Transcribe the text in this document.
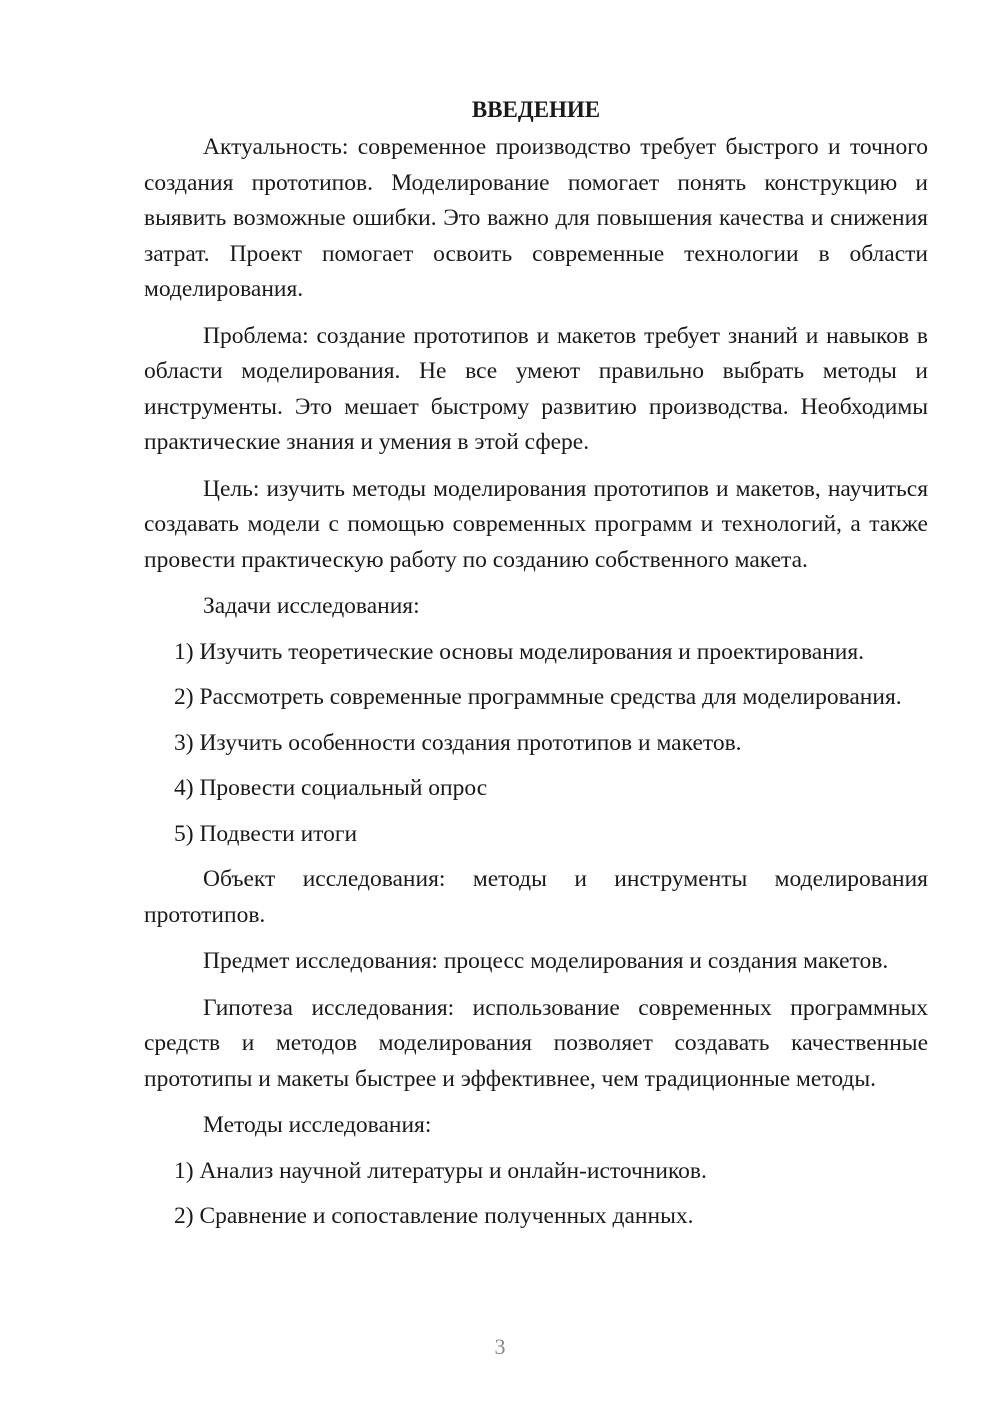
ВВЕДЕНИЕ

Актуальность: современное производство требует быстрого и точного создания прототипов. Моделирование помогает понять конструкцию и выявить возможные ошибки. Это важно для повышения качества и снижения затрат. Проект помогает освоить современные технологии в области моделирования.

Проблема: создание прототипов и макетов требует знаний и навыков в области моделирования. Не все умеют правильно выбрать методы и инструменты. Это мешает быстрому развитию производства. Необходимы практические знания и умения в этой сфере.

Цель: изучить методы моделирования прототипов и макетов, научиться создавать модели с помощью современных программ и технологий, а также провести практическую работу по созданию собственного макета.

Задачи исследования:

1) Изучить теоретические основы моделирования и проектирования.

2) Рассмотреть современные программные средства для моделирования.

3) Изучить особенности создания прототипов и макетов.

4) Провести социальный опрос

5) Подвести итоги

Объект исследования: методы и инструменты моделирования прототипов.

Предмет исследования: процесс моделирования и создания макетов.

Гипотеза исследования: использование современных программных средств и методов моделирования позволяет создавать качественные прототипы и макеты быстрее и эффективнее, чем традиционные методы.

Методы исследования:

1) Анализ научной литературы и онлайн-источников.

2) Сравнение и сопоставление полученных данных.

3
